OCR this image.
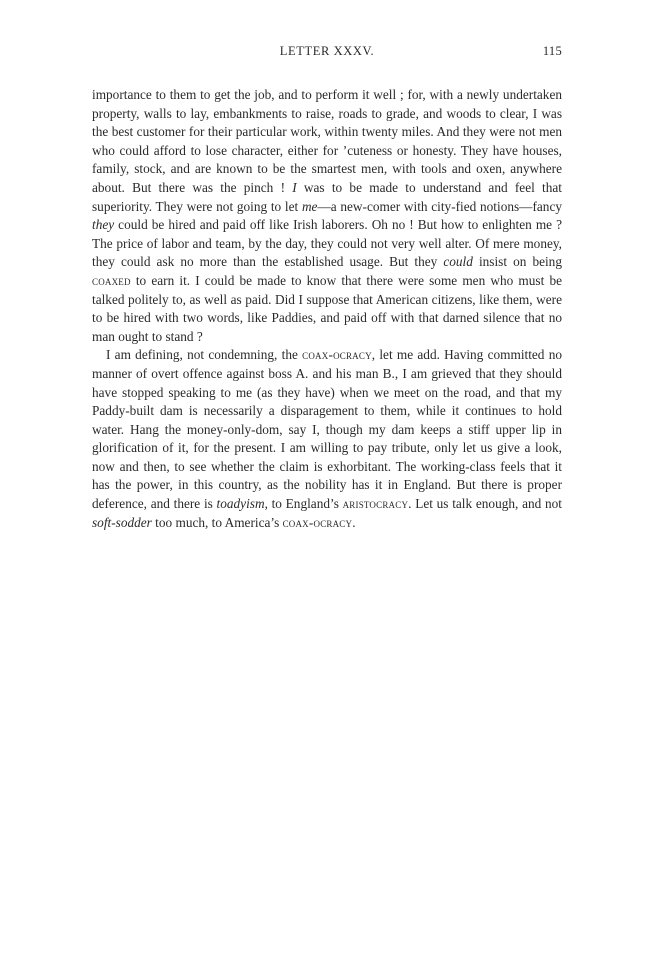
LETTER XXXV.	115

importance to them to get the job, and to perform it well ; for, with a newly undertaken property, walls to lay, embankments to raise, roads to grade, and woods to clear, I was the best customer for their particular work, within twenty miles. And they were not men who could afford to lose character, either for ’cuteness or honesty. They have houses, family, stock, and are known to be the smartest men, with tools and oxen, anywhere about. But there was the pinch ! I was to be made to understand and feel that superiority. They were not going to let me—a new-comer with city-fied notions—fancy they could be hired and paid off like Irish laborers. Oh no ! But how to enlighten me ? The price of labor and team, by the day, they could not very well alter. Of mere money, they could ask no more than the established usage. But they could insist on being coaxed to earn it. I could be made to know that there were some men who must be talked politely to, as well as paid. Did I suppose that American citizens, like them, were to be hired with two words, like Paddies, and paid off with that darned silence that no man ought to stand ?

I am defining, not condemning, the coax-ocracy, let me add. Having committed no manner of overt offence against boss A. and his man B., I am grieved that they should have stopped speaking to me (as they have) when we meet on the road, and that my Paddy-built dam is necessarily a disparagement to them, while it continues to hold water. Hang the money-only-dom, say I, though my dam keeps a stiff upper lip in glorification of it, for the present. I am willing to pay tribute, only let us give a look, now and then, to see whether the claim is exhorbitant. The working-class feels that it has the power, in this country, as the nobility has it in England. But there is proper deference, and there is toadyism, to England’s aristocracy. Let us talk enough, and not soft-sodder too much, to America’s coax-ocracy.
